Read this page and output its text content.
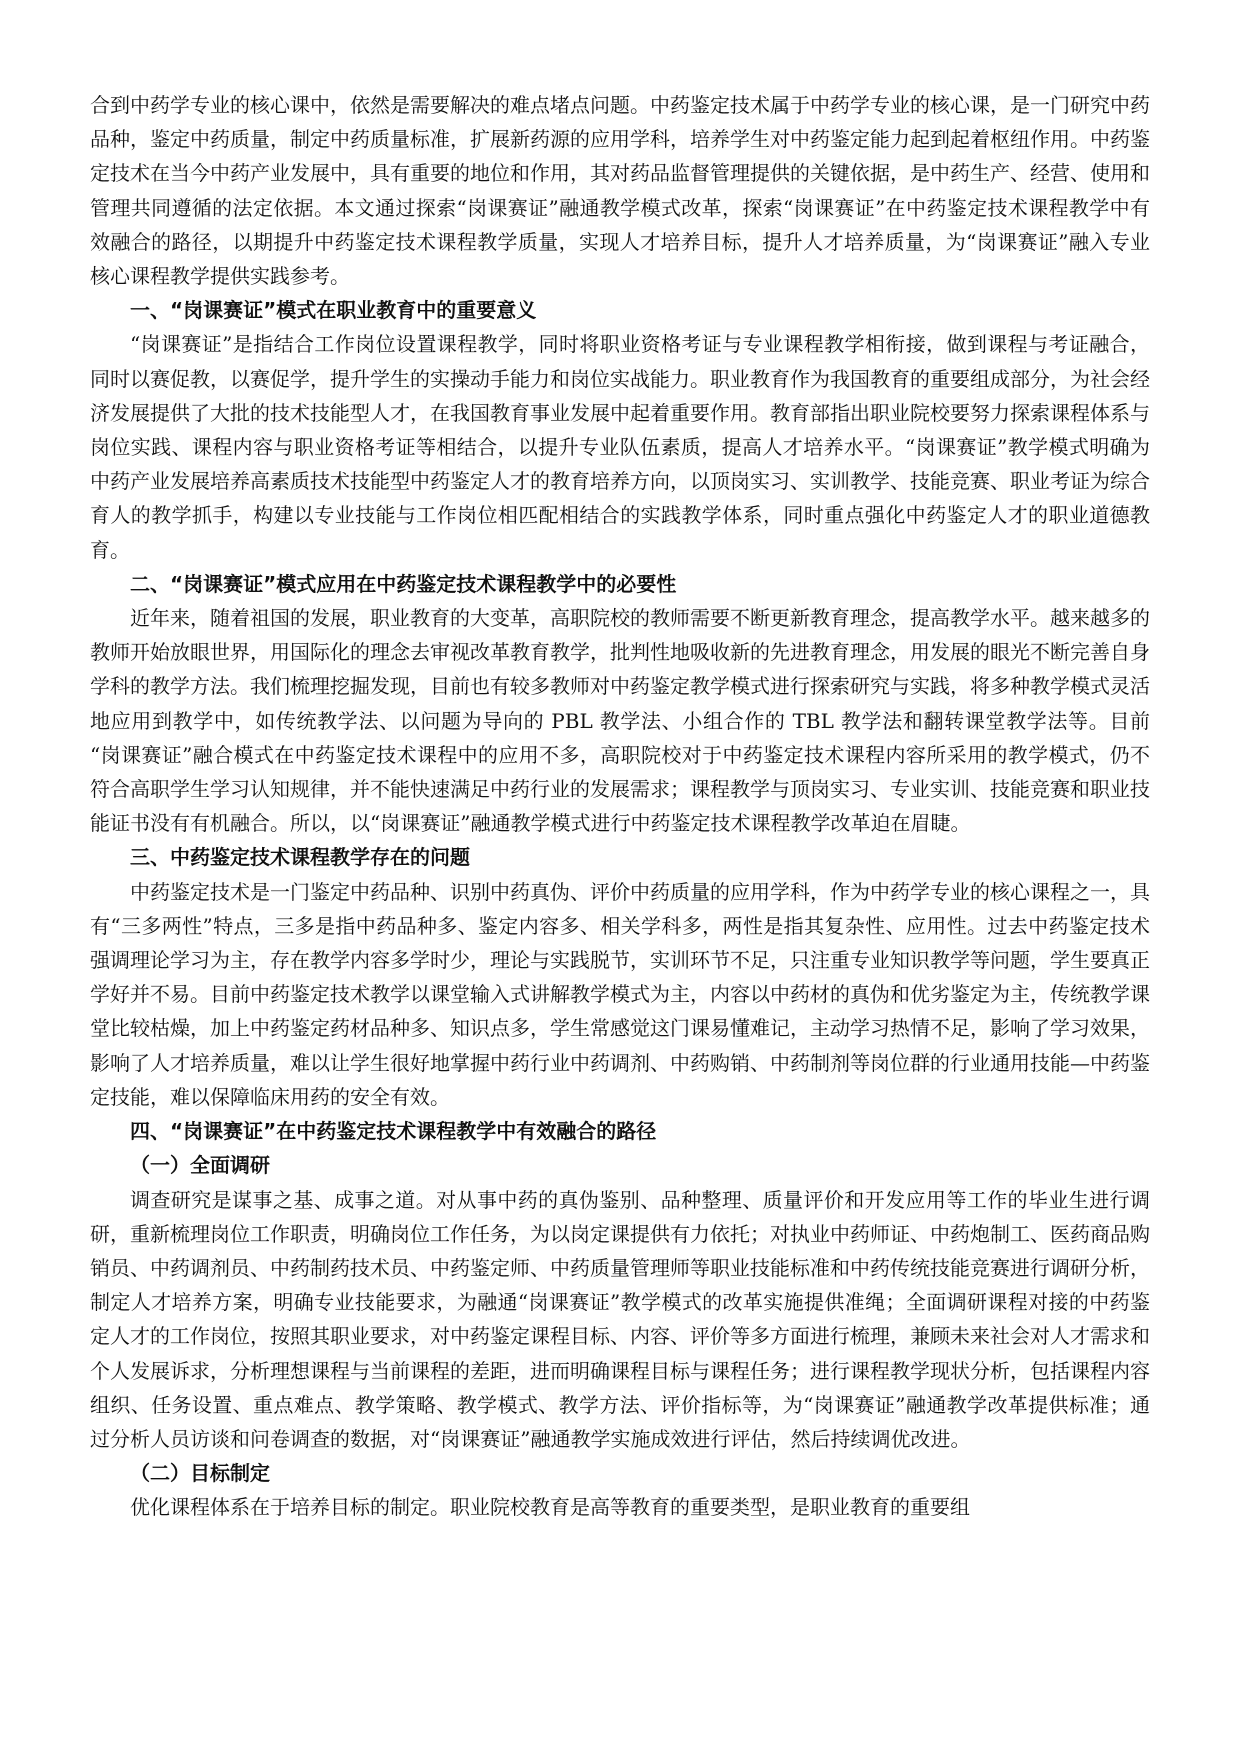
合到中药学专业的核心课中，依然是需要解决的难点堵点问题。中药鉴定技术属于中药学专业的核心课，是一门研究中药品种，鉴定中药质量，制定中药质量标准，扩展新药源的应用学科，培养学生对中药鉴定能力起到起着枢纽作用。中药鉴定技术在当今中药产业发展中，具有重要的地位和作用，其对药品监督管理提供的关键依据，是中药生产、经营、使用和管理共同遵循的法定依据。本文通过探索“岗课赛证”融通教学模式改革，探索“岗课赛证”在中药鉴定技术课程教学中有效融合的路径，以期提升中药鉴定技术课程教学质量，实现人才培养目标，提升人才培养质量，为“岗课赛证”融入专业核心课程教学提供实践参考。

一、“岗课赛证”模式在职业教育中的重要意义

“岗课赛证”是指结合工作岗位设置课程教学，同时将职业资格考证与专业课程教学相衔接，做到课程与考证融合，同时以赛促教，以赛促学，提升学生的实操动手能力和岗位实战能力。职业教育作为我国教育的重要组成部分，为社会经济发展提供了大批的技术技能型人才，在我国教育事业发展中起着重要作用。教育部指出职业院校要努力探索课程体系与岗位实践、课程内容与职业资格考证等相结合，以提升专业队伍素质，提高人才培养水平。“岗课赛证”教学模式明确为中药产业发展培养高素质技术技能型中药鉴定人才的教育培养方向，以顶岗实习、实训教学、技能竞赛、职业考证为综合育人的教学抓手，构建以专业技能与工作岗位相匹配相结合的实践教学体系，同时重点强化中药鉴定人才的职业道德教育。

二、“岗课赛证”模式应用在中药鉴定技术课程教学中的必要性

近年来，随着祖国的发展，职业教育的大变革，高职院校的教师需要不断更新教育理念，提高教学水平。越来越多的教师开始放眼世界，用国际化的理念去审视改革教育教学，批判性地吸收新的先进教育理念，用发展的眼光不断完善自身学科的教学方法。我们梳理挖掘发现，目前也有较多教师对中药鉴定教学模式进行探索研究与实践，将多种教学模式灵活地应用到教学中，如传统教学法、以问题为导向的 PBL 教学法、小组合作的 TBL 教学法和翻转课堂教学法等。目前 “岗课赛证”融合模式在中药鉴定技术课程中的应用不多，高职院校对于中药鉴定技术课程内容所采用的教学模式，仍不符合高职学生学习认知规律，并不能快速满足中药行业的发展需求；课程教学与顶岗实习、专业实训、技能竞赛和职业技能证书没有有机融合。所以，以“岗课赛证”融通教学模式进行中药鉴定技术课程教学改革迫在眉睫。

三、中药鉴定技术课程教学存在的问题

中药鉴定技术是一门鉴定中药品种、识别中药真伪、评价中药质量的应用学科，作为中药学专业的核心课程之一，具有“三多两性”特点，三多是指中药品种多、鉴定内容多、相关学科多，两性是指其复杂性、应用性。过去中药鉴定技术强调理论学习为主，存在教学内容多学时少，理论与实践脱节，实训环节不足，只注重专业知识教学等问题，学生要真正学好并不易。目前中药鉴定技术教学以课堂输入式讲解教学模式为主，内容以中药材的真伪和优劣鉴定为主，传统教学课堂比较枯燥，加上中药鉴定药材品种多、知识点多，学生常感觉这门课易懂难记，主动学习热情不足，影响了学习效果，影响了人才培养质量，难以让学生很好地掌握中药行业中药调剂、中药购销、中药制剂等岗位群的行业通用技能—中药鉴定技能，难以保障临床用药的安全有效。

四、“岗课赛证”在中药鉴定技术课程教学中有效融合的路径

（一）全面调研

调查研究是谋事之基、成事之道。对从事中药的真伪鉴别、品种整理、质量评价和开发应用等工作的毕业生进行调研，重新梳理岗位工作职责，明确岗位工作任务，为以岗定课提供有力依托；对执业中药师证、中药炮制工、医药商品购销员、中药调剂员、中药制药技术员、中药鉴定师、中药质量管理师等职业技能标准和中药传统技能竞赛进行调研分析，制定人才培养方案，明确专业技能要求，为融通“岗课赛证”教学模式的改革实施提供准绳；全面调研课程对接的中药鉴定人才的工作岗位，按照其职业要求，对中药鉴定课程目标、内容、评价等多方面进行梳理，兼顾未来社会对人才需求和个人发展诉求，分析理想课程与当前课程的差距，进而明确课程目标与课程任务；进行课程教学现状分析，包括课程内容组织、任务设置、重点难点、教学策略、教学模式、教学方法、评价指标等，为“岗课赛证”融通教学改革提供标准；通过分析人员访谈和问卷调查的数据，对“岗课赛证”融通教学实施成效进行评估，然后持续调优改进。

（二）目标制定

优化课程体系在于培养目标的制定。职业院校教育是高等教育的重要类型，是职业教育的重要组
